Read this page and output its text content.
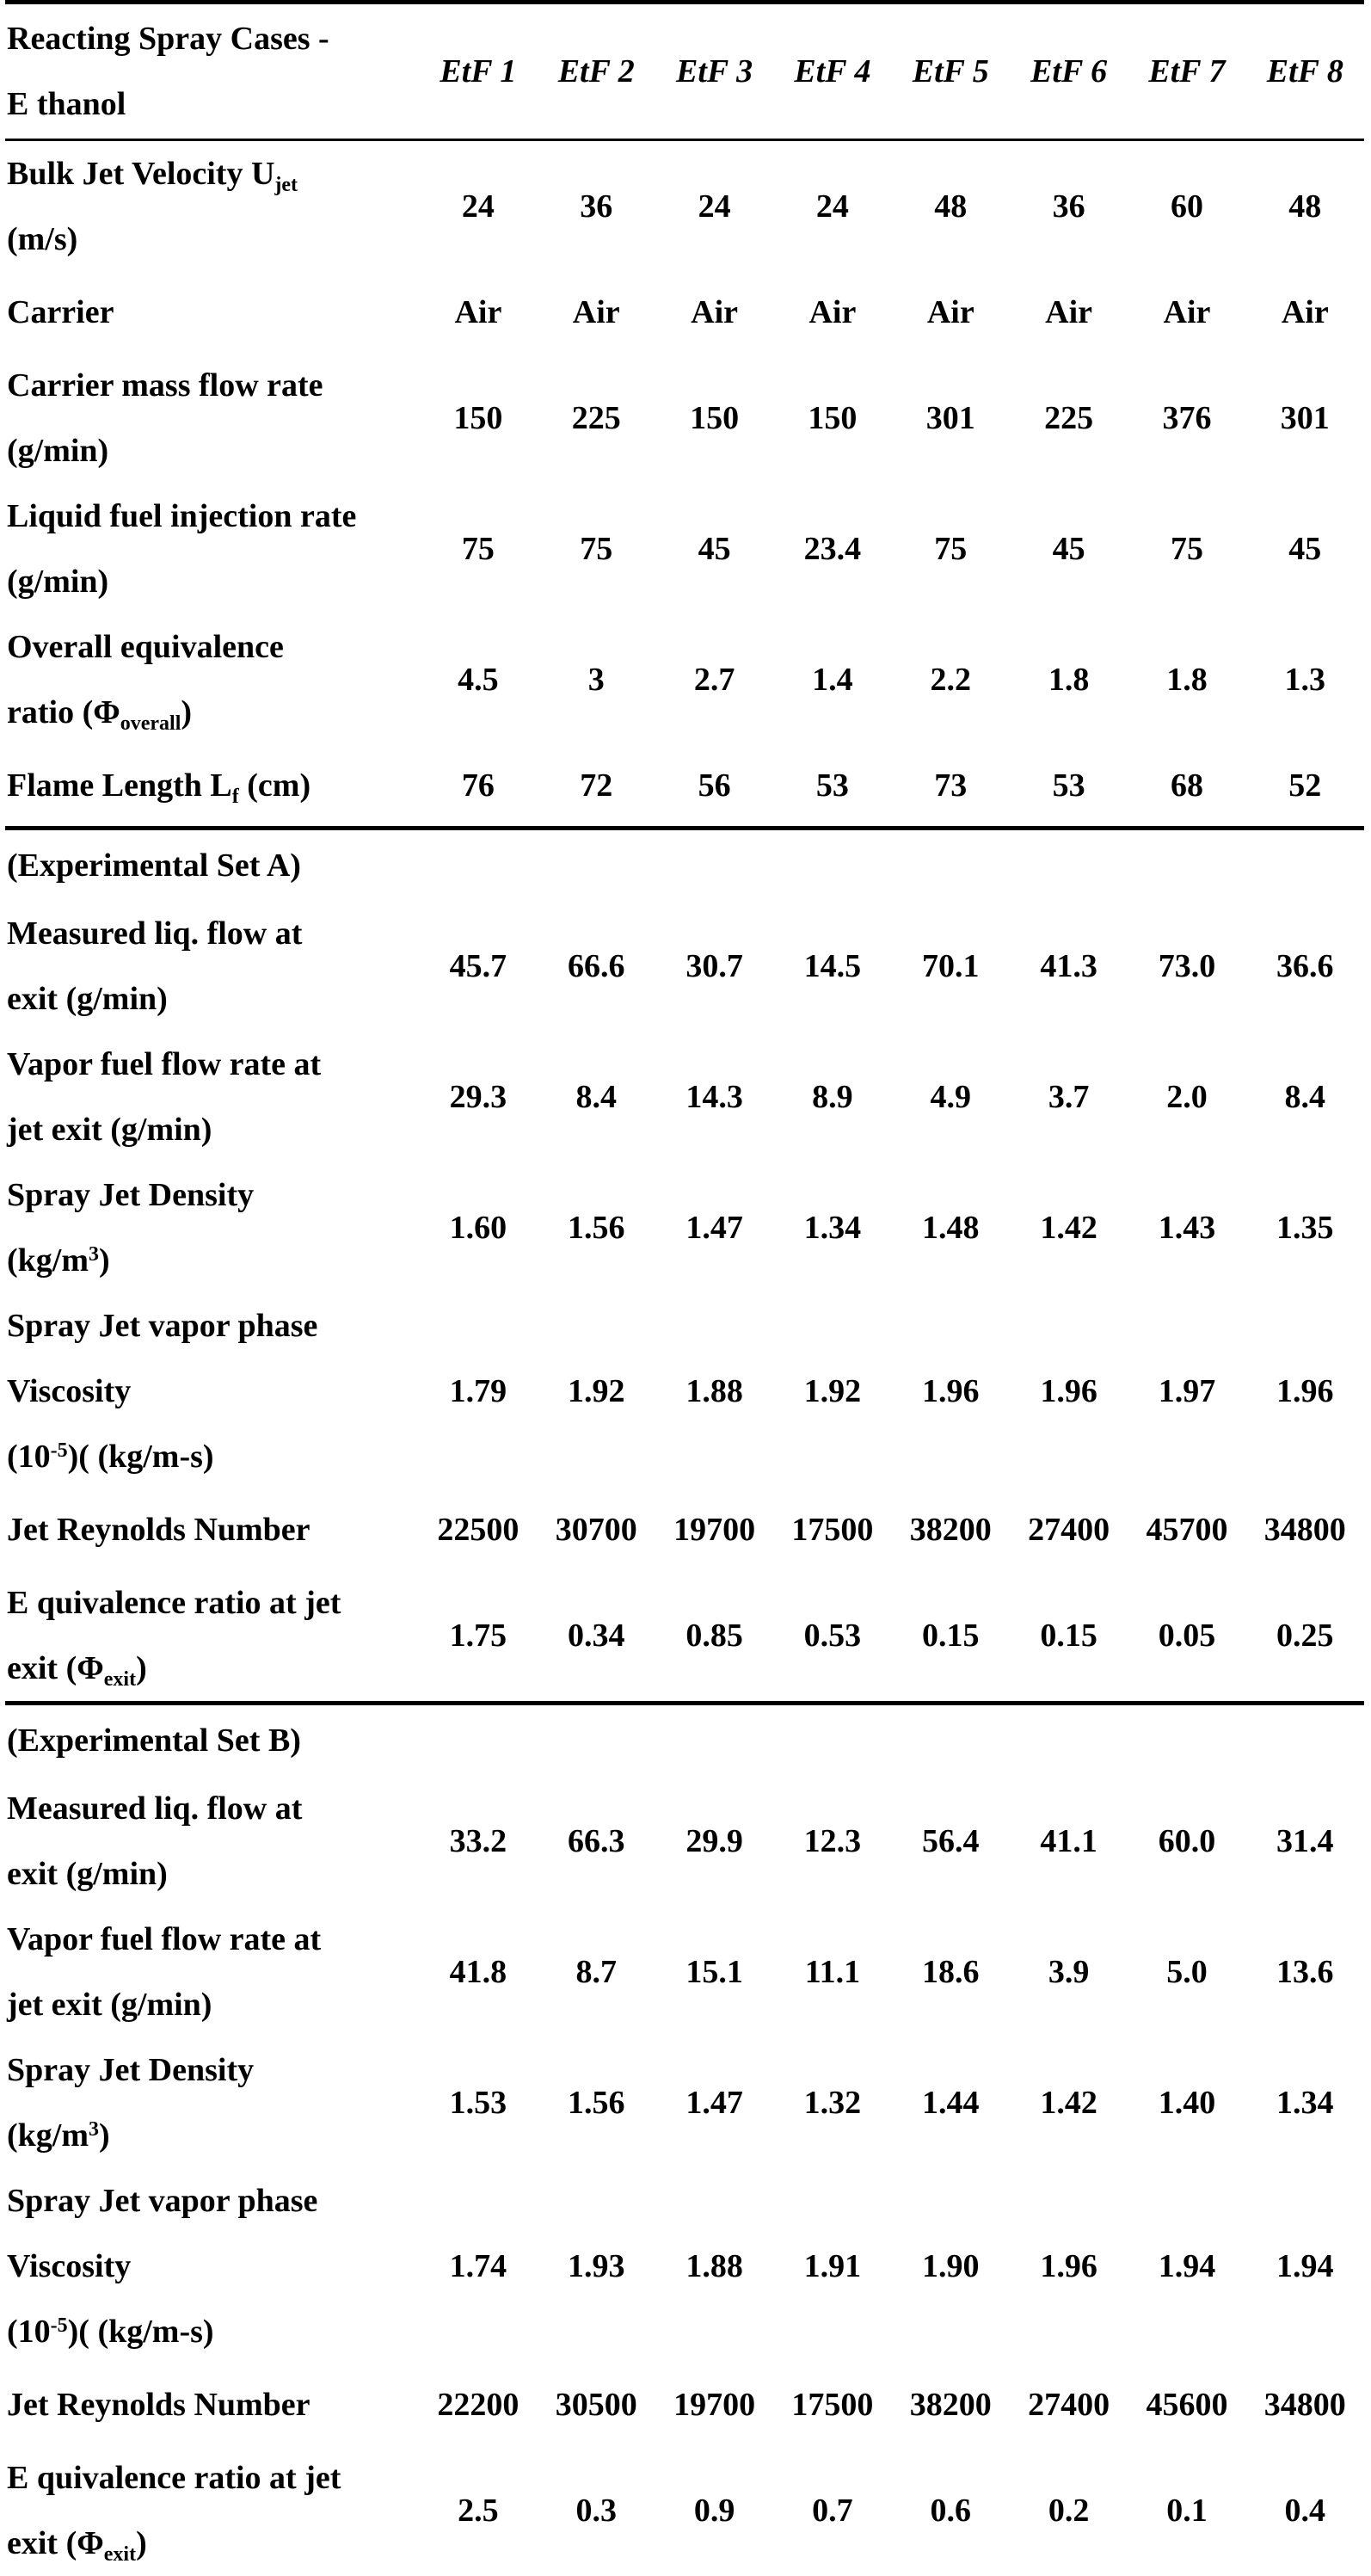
Reacting Spray Cases -
E thanol	EtF 1	EtF 2	EtF 3	EtF 4	EtF 5	EtF 6	EtF 7	EtF 8
Bulk Jet Velocity $U_{jet}$
(m/s)	24	36	24	24	48	36	60	48
Carrier	Air	Air	Air	Air	Air	Air	Air	Air
Carrier mass flow rate
(g/min)	150	225	150	150	301	225	376	301
Liquid fuel injection rate
(g/min)	75	75	45	23.4	75	45	75	45
Overall equivalence
ratio $(\Phi_{overall})$	4.5	3	2.7	1.4	2.2	1.8	1.8	1.3
Flame Length $L_f$ (cm)	76	72	56	53	73	53	68	52
(Experimental Set A)								
Measured liq. flow at
exit (g/min)	45.7	66.6	30.7	14.5	70.1	41.3	73.0	36.6
Vapor fuel flow rate at
jet exit (g/min)	29.3	8.4	14.3	8.9	4.9	3.7	2.0	8.4
Spray Jet Density
$(kg/m^3)$	1.60	1.56	1.47	1.34	1.48	1.42	1.43	1.35
Spray Jet vapor phase
Viscosity
$(10^{-5})$( (kg/m-s)	1.79	1.92	1.88	1.92	1.96	1.96	1.97	1.96
Jet Reynolds Number	22500	30700	19700	17500	38200	27400	45700	34800
E quivalence ratio at jet
exit $(\Phi_{exit})$	1.75	0.34	0.85	0.53	0.15	0.15	0.05	0.25
(Experimental Set B)								
Measured liq. flow at
exit (g/min)	33.2	66.3	29.9	12.3	56.4	41.1	60.0	31.4
Vapor fuel flow rate at
jet exit (g/min)	41.8	8.7	15.1	11.1	18.6	3.9	5.0	13.6
Spray Jet Density
$(kg/m^3)$	1.53	1.56	1.47	1.32	1.44	1.42	1.40	1.34
Spray Jet vapor phase
Viscosity
$(10^{-5})$( (kg/m-s)	1.74	1.93	1.88	1.91	1.90	1.96	1.94	1.94
Jet Reynolds Number	22200	30500	19700	17500	38200	27400	45600	34800
E quivalence ratio at jet
exit $(\Phi_{exit})$	2.5	0.3	0.9	0.7	0.6	0.2	0.1	0.4
